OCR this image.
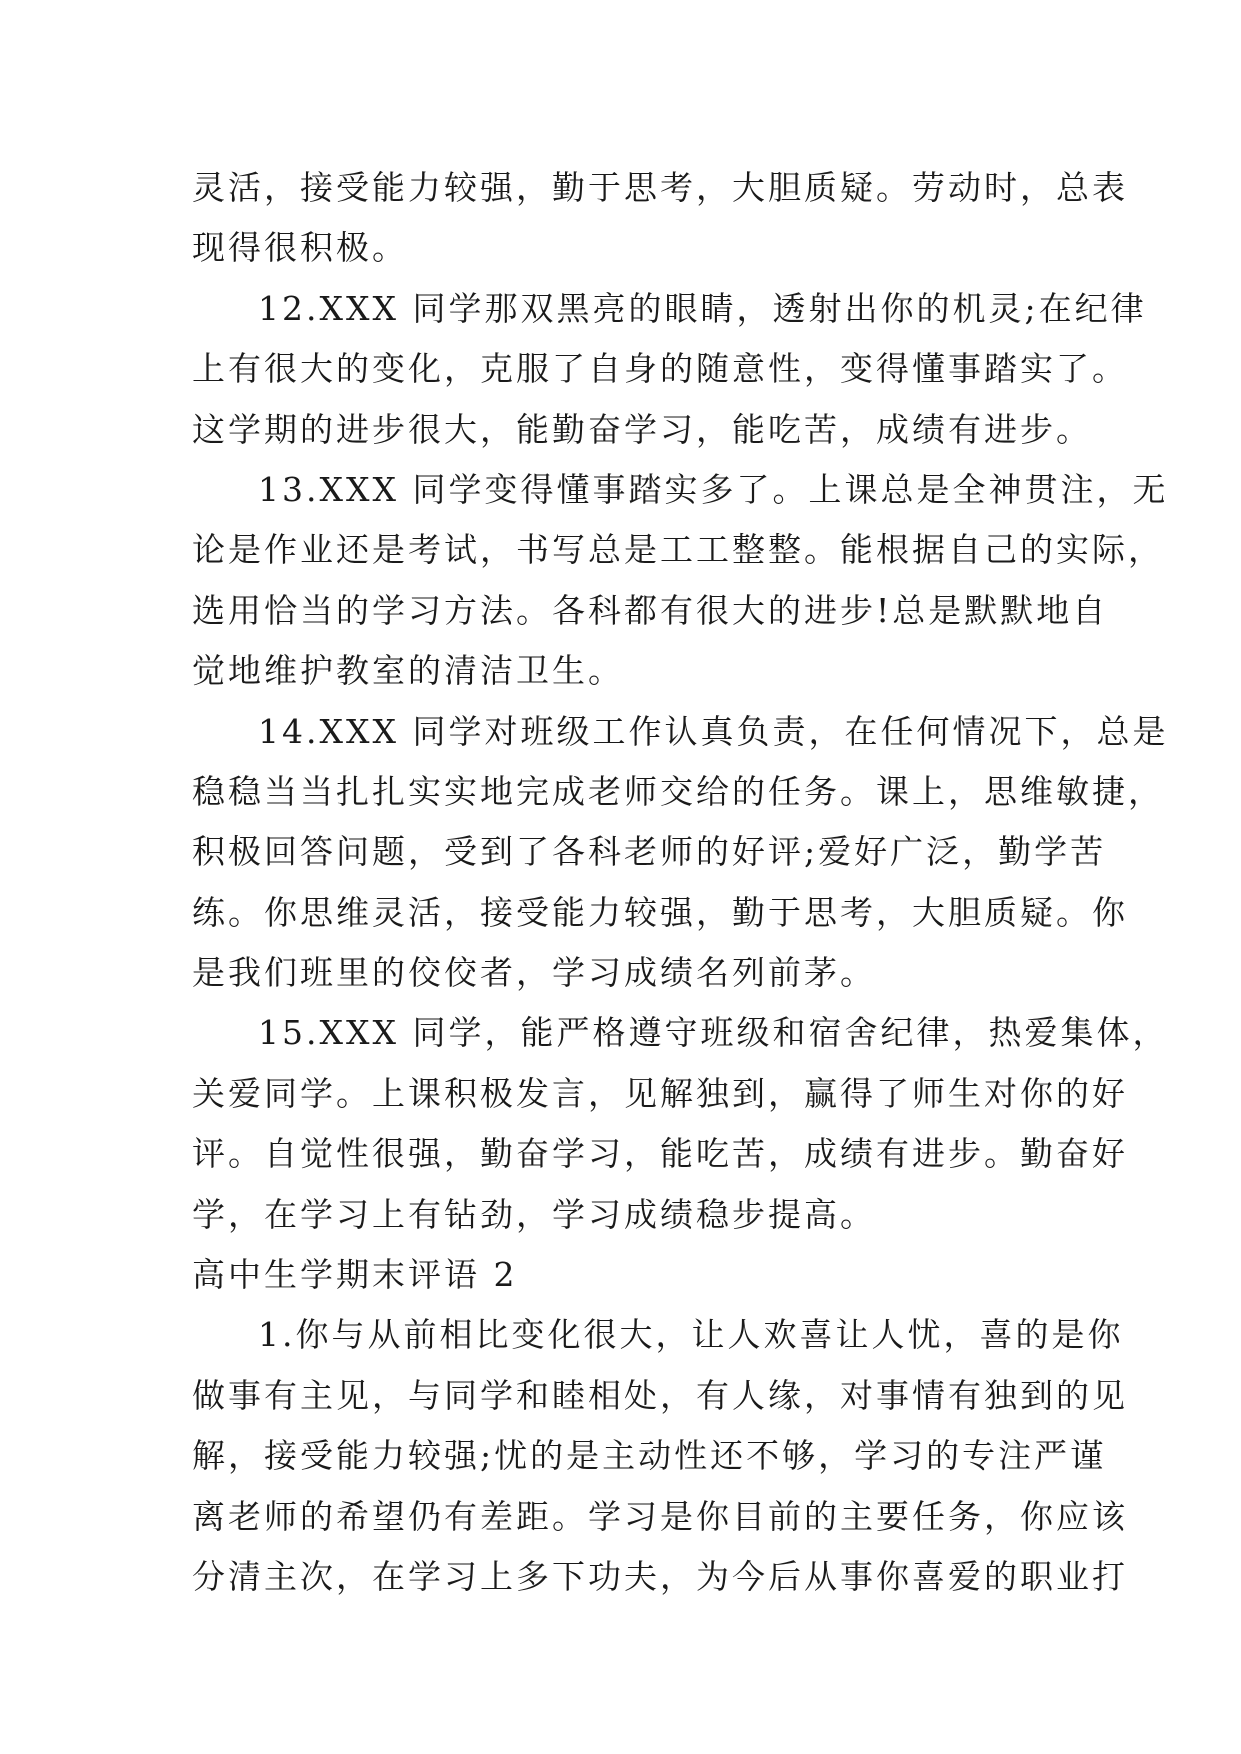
灵活，接受能力较强，勤于思考，大胆质疑。劳动时，总表
现得很积极。
12.XXX 同学那双黑亮的眼睛，透射出你的机灵;在纪律
上有很大的变化，克服了自身的随意性，变得懂事踏实了。
这学期的进步很大，能勤奋学习，能吃苦，成绩有进步。
13.XXX 同学变得懂事踏实多了。上课总是全神贯注，无
论是作业还是考试，书写总是工工整整。能根据自己的实际，
选用恰当的学习方法。各科都有很大的进步!总是默默地自
觉地维护教室的清洁卫生。
14.XXX 同学对班级工作认真负责，在任何情况下，总是
稳稳当当扎扎实实地完成老师交给的任务。课上，思维敏捷，
积极回答问题，受到了各科老师的好评;爱好广泛，勤学苦
练。你思维灵活，接受能力较强，勤于思考，大胆质疑。你
是我们班里的佼佼者，学习成绩名列前茅。
15.XXX 同学，能严格遵守班级和宿舍纪律，热爱集体，
关爱同学。上课积极发言，见解独到，赢得了师生对你的好
评。自觉性很强，勤奋学习，能吃苦，成绩有进步。勤奋好
学，在学习上有钻劲，学习成绩稳步提高。
高中生学期末评语 2
1.你与从前相比变化很大，让人欢喜让人忧，喜的是你
做事有主见，与同学和睦相处，有人缘，对事情有独到的见
解，接受能力较强;忧的是主动性还不够，学习的专注严谨
离老师的希望仍有差距。学习是你目前的主要任务，你应该
分清主次，在学习上多下功夫，为今后从事你喜爱的职业打
